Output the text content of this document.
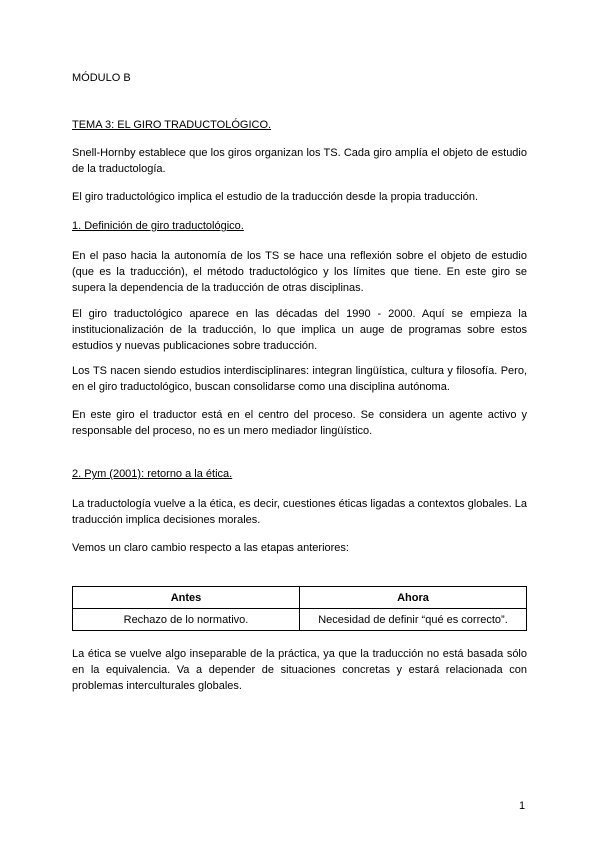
MÓDULO B

TEMA 3: EL GIRO TRADUCTOLÓGICO.

Snell-Hornby establece que los giros organizan los TS. Cada giro amplía el objeto de estudio de la traductología.

El giro traductológico implica el estudio de la traducción desde la propia traducción.

1. Definición de giro traductológico.

En el paso hacia la autonomía de los TS se hace una reflexión sobre el objeto de estudio (que es la traducción), el método traductológico y los límites que tiene. En este giro se supera la dependencia de la traducción de otras disciplinas.

El giro traductológico aparece en las décadas del 1990 - 2000. Aquí se empieza la institucionalización de la traducción, lo que implica un auge de programas sobre estos estudios y nuevas publicaciones sobre traducción.

Los TS nacen siendo estudios interdisciplinares: integran lingüística, cultura y filosofía. Pero, en el giro traductológico, buscan consolidarse como una disciplina autónoma.

En este giro el traductor está en el centro del proceso. Se considera un agente activo y responsable del proceso, no es un mero mediador lingüístico.

2. Pym (2001): retorno a la ética.

La traductología vuelve a la ética, es decir, cuestiones éticas ligadas a contextos globales. La traducción implica decisiones morales.

Vemos un claro cambio respecto a las etapas anteriores:

Antes	Ahora
Rechazo de lo normativo.	Necesidad de definir “qué es correcto”.

La ética se vuelve algo inseparable de la práctica, ya que la traducción no está basada sólo en la equivalencia. Va a depender de situaciones concretas y estará relacionada con problemas interculturales globales.

1
